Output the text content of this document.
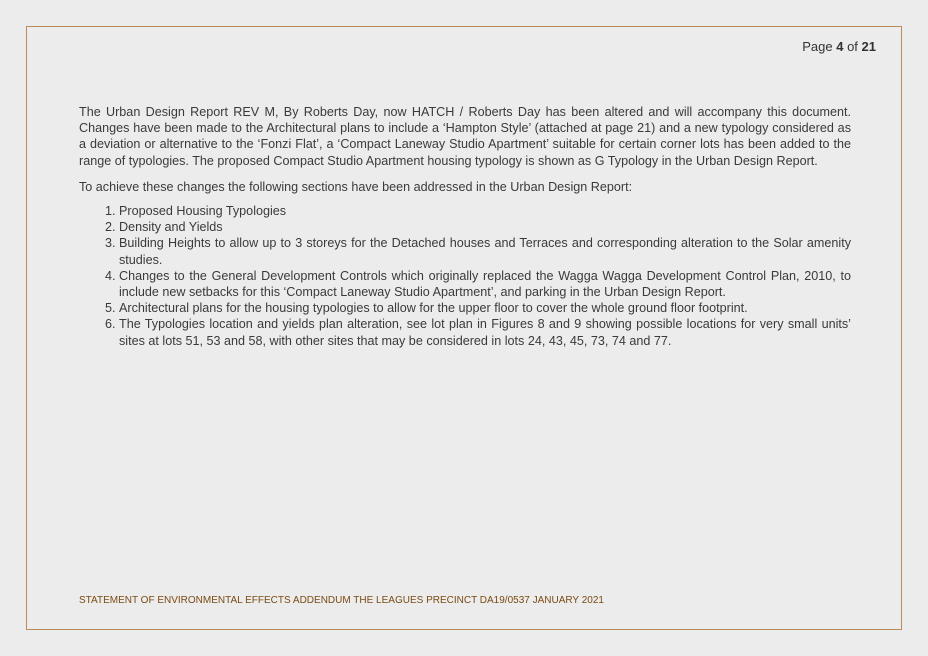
Page 4 of 21

The Urban Design Report REV M, By Roberts Day, now HATCH / Roberts Day has been altered and will accompany this document. Changes have been made to the Architectural plans to include a ‘Hampton Style’ (attached at page 21) and a new typology considered as a deviation or alternative to the ‘Fonzi Flat’, a ‘Compact Laneway Studio Apartment’ suitable for certain corner lots has been added to the range of typologies. The proposed Compact Studio Apartment housing typology is shown as G Typology in the Urban Design Report.

To achieve these changes the following sections have been addressed in the Urban Design Report:

1. Proposed Housing Typologies
2. Density and Yields
3. Building Heights to allow up to 3 storeys for the Detached houses and Terraces and corresponding alteration to the Solar amenity studies.
4. Changes to the General Development Controls which originally replaced the Wagga Wagga Development Control Plan, 2010, to include new setbacks for this ‘Compact Laneway Studio Apartment’, and parking in the Urban Design Report.
5. Architectural plans for the housing typologies to allow for the upper floor to cover the whole ground floor footprint.
6. The Typologies location and yields plan alteration, see lot plan in Figures 8 and 9 showing possible locations for very small units’ sites at lots 51, 53 and 58, with other sites that may be considered in lots 24, 43, 45, 73, 74 and 77.
STATEMENT OF ENVIRONMENTAL EFFECTS ADDENDUM THE LEAGUES PRECINCT DA19/0537 JANUARY 2021
